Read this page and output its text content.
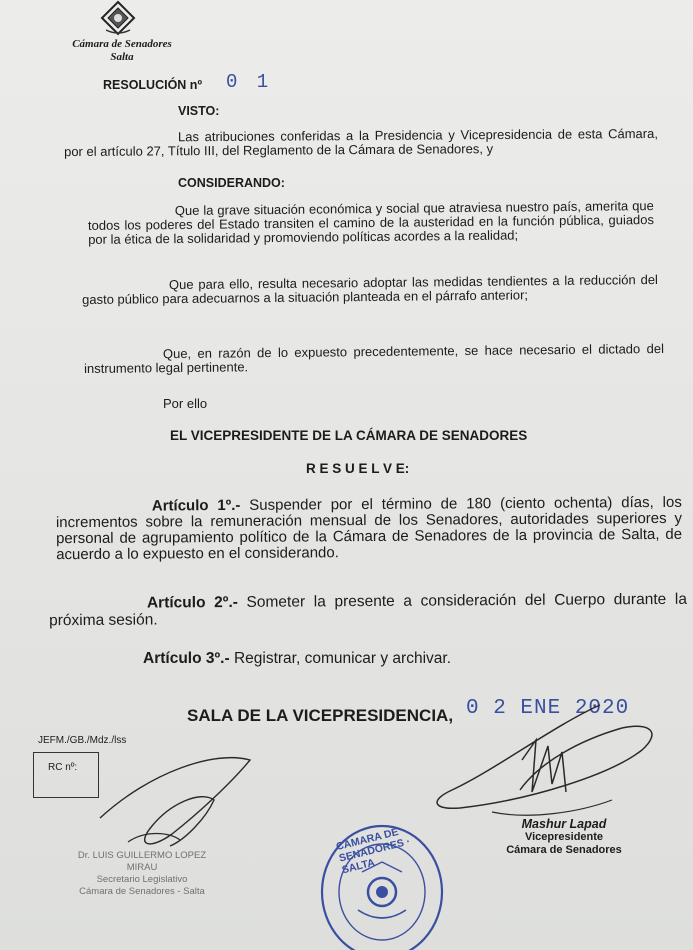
Cámara de Senadores
Salta
RESOLUCIÓN nº 0 1
VISTO:
Las atribuciones conferidas a la Presidencia y Vicepresidencia de esta Cámara, por el artículo 27, Título III, del Reglamento de la Cámara de Senadores, y
CONSIDERANDO:
Que la grave situación económica y social que atraviesa nuestro país, amerita que todos los poderes del Estado transiten el camino de la austeridad en la función pública, guiados por la ética de la solidaridad y promoviendo políticas acordes a la realidad;
Que para ello, resulta necesario adoptar las medidas tendientes a la reducción del gasto público para adecuarnos a la situación planteada en el párrafo anterior;
Que, en razón de lo expuesto precedentemente, se hace necesario el dictado del instrumento legal pertinente.
Por ello
EL VICEPRESIDENTE DE LA CÁMARA DE SENADORES
R E S U E L V E:
Artículo 1º.- Suspender por el término de 180 (ciento ochenta) días, los incrementos sobre la remuneración mensual de los Senadores, autoridades superiores y personal de agrupamiento político de la Cámara de Senadores de la provincia de Salta, de acuerdo a lo expuesto en el considerando.
Artículo 2º.- Someter la presente a consideración del Cuerpo durante la próxima sesión.
Artículo 3º.- Registrar, comunicar y archivar.
SALA DE LA VICEPRESIDENCIA, 0 2 ENE 2020
JEFM./GB./Mdz./lss
RC nº:
Dr. LUIS GUILLERMO LOPEZ MIRAU
Secretario Legislativo
Cámara de Senadores - Salta
Mashur Lapad
Vicepresidente
Cámara de Senadores
CÁMARA DE SENADORES · SALTA
